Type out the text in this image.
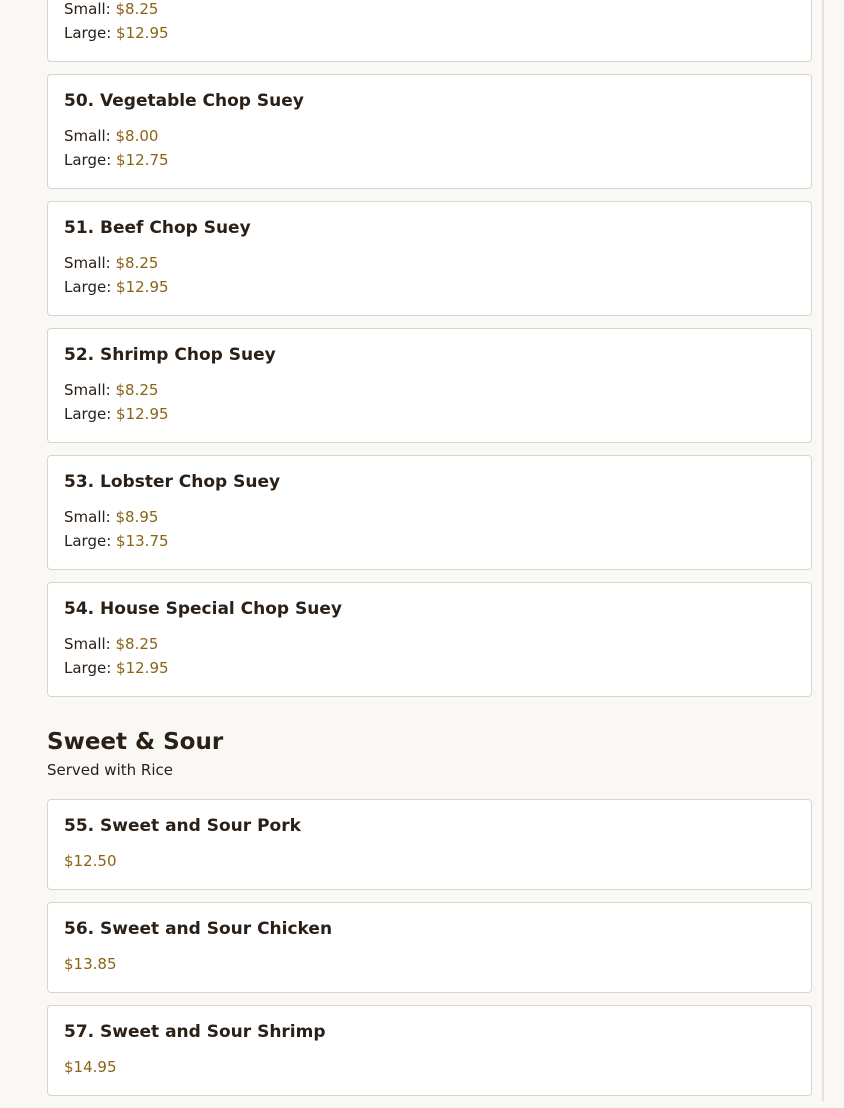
Small: $8.25
Large: $12.95
50. Vegetable Chop Suey
Small: $8.00
Large: $12.75
51. Beef Chop Suey
Small: $8.25
Large: $12.95
52. Shrimp Chop Suey
Small: $8.25
Large: $12.95
53. Lobster Chop Suey
Small: $8.95
Large: $13.75
54. House Special Chop Suey
Small: $8.25
Large: $12.95
Sweet & Sour
Served with Rice
55. Sweet and Sour Pork
$12.50
56. Sweet and Sour Chicken
$13.85
57. Sweet and Sour Shrimp
$14.95
